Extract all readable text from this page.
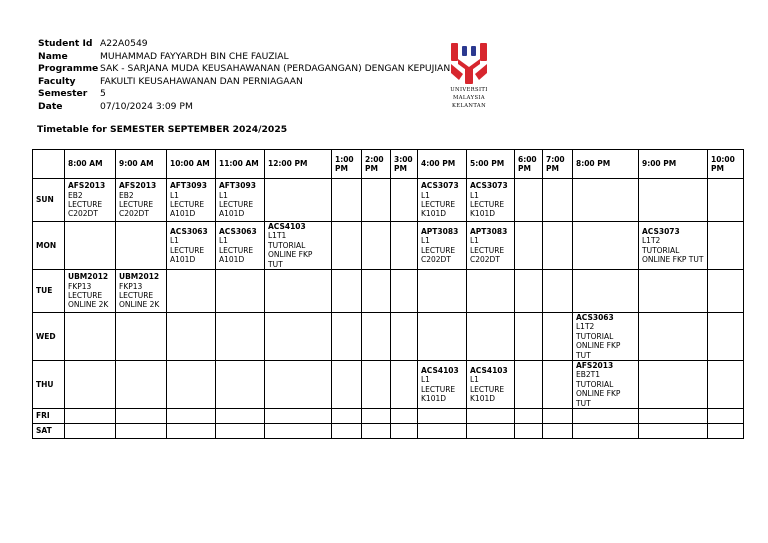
Student Id A22A0549
Name	MUHAMMAD FAYYARDH BIN CHE FAUZIAL
Programme SAK - SARJANA MUDA KEUSAHAWANAN (PERDAGANGAN) DENGAN KEPUJIAN
Faculty	FAKULTI KEUSAHAWANAN DAN PERNIAGAAN
Semester	5
Date	07/10/2024 3:09 PM
UNIVERSITI
MALAYSIA
KELANTAN
Timetable for SEMESTER SEPTEMBER 2024/2025
	8:00 AM	9:00 AM	10:00 AM	11:00 AM	12:00 PM	1:00 PM	2:00 PM	3:00 PM	4:00 PM	5:00 PM	6:00 PM	7:00 PM	8:00 PM	9:00 PM	10:00 PM
SUN	AFS2013
EB2
LECTURE
C202DT	AFS2013
EB2
LECTURE
C202DT	AFT3093
L1
LECTURE
A101D	AFT3093
L1
LECTURE
A101D					ACS3073
L1
LECTURE
K101D	ACS3073
L1
LECTURE
K101D					

MON			ACS3063
L1
LECTURE
A101D	ACS3063
L1
LECTURE
A101D	ACS4103
L1T1
TUTORIAL
ONLINE FKP TUT				APT3083
L1
LECTURE
C202DT	APT3083
L1
LECTURE
C202DT				ACS3073
L1T2
TUTORIAL
ONLINE FKP TUT	

TUE	UBM2012
FKP13
LECTURE
ONLINE 2K	UBM2012
FKP13
LECTURE
ONLINE 2K													

WED													ACS3063
L1T2
TUTORIAL
ONLINE FKP TUT		

THU									ACS4103
L1
LECTURE
K101D	ACS4103
L1
LECTURE
K101D			AFS2013
EB2T1
TUTORIAL
ONLINE FKP TUT		

FRI															
SAT															
